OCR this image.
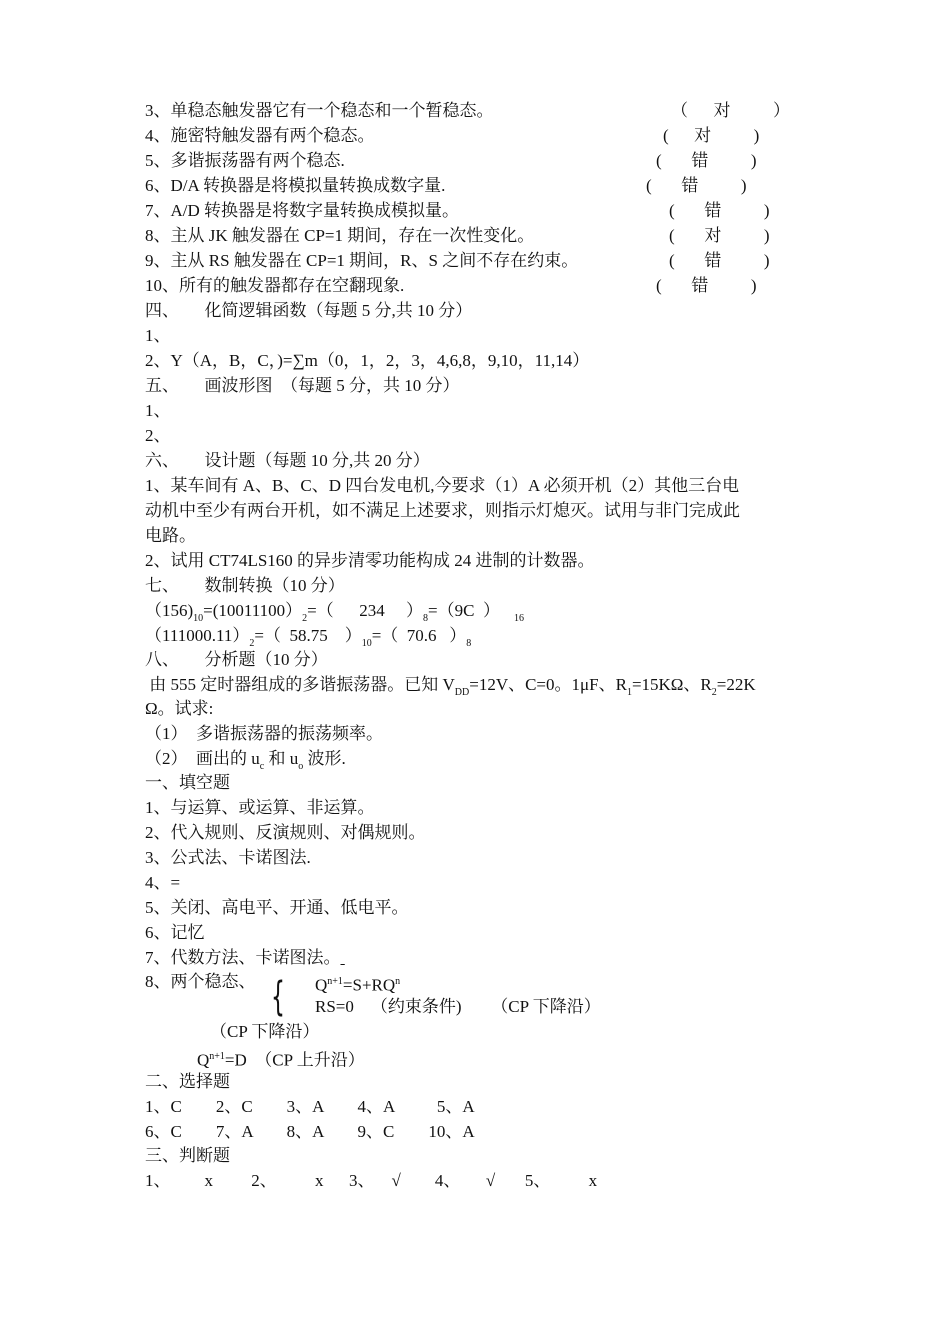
3、单稳态触发器它有一个稳态和一个暂稳态。	（      对          ）
4、施密特触发器有两个稳态。	(      对          )
5、多谐振荡器有两个稳态.	(       错          )
6、D/A 转换器是将模拟量转换成数字量.	(       错          )
7、A/D 转换器是将数字量转换成模拟量。	(       错          )
8、主从 JK 触发器在 CP=1 期间，存在一次性变化。	(       对          )
9、主从 RS 触发器在 CP=1 期间，R、S 之间不存在约束。	(       错          )
10、所有的触发器都存在空翻现象.	(       错          )
四、      化简逻辑函数（每题 5 分,共 10 分）
1、
2、Y（A，B，C，)=∑m（0，1，2，3，4,6,8，9,10，11,14）
五、      画波形图  （每题 5 分，共 10 分）
1、
2、
六、      设计题（每题 10 分,共 20 分）
1、某车间有 A、B、C、D 四台发电机,今要求（1）A 必须开机（2）其他三台电
动机中至少有两台开机，如不满足上述要求，则指示灯熄灭。试用与非门完成此
电路。
2、试用 CT74LS160 的异步清零功能构成 24 进制的计数器。
七、      数制转换（10 分）
$(156)_{10}=(10011100)_2=$（      234     ）$_8=(9C$  ） $_{16}$
$(111000.11)_2=$（  58.75    ）$_{10}=$（  70.6   ）$_8$
八、      分析题（10 分）
由 555 定时器组成的多谐振荡器。已知 $V_{DD}=12V$、C=0。1μF、$R_1=15K\Omega$、$R_2=22K$
Ω。试求:
（1）  多谐振荡器的振荡频率。
（2）  画出的 $u_c$ 和 $u_o$ 波形.
一、填空题
1、与运算、或运算、非运算。
2、代入规则、反演规则、对偶规则。
3、公式法、卡诺图法.
4、=
5、关闭、高电平、开通、低电平。
6、记忆
7、代数方法、卡诺图法。
8、两个稳态、 { $Q^{n+1}=S+RQ^n$
RS=0    （约束条件)       （CP 下降沿）
（CP 下降沿）
$Q^{n+1}=D$  （CP 上升沿）
二、选择题
1、C        2、C        3、A        4、A          5、A
6、C        7、A        8、A        9、C        10、A
三、判断题
1、        x         2、         x      3、    √        4、      √       5、         x
